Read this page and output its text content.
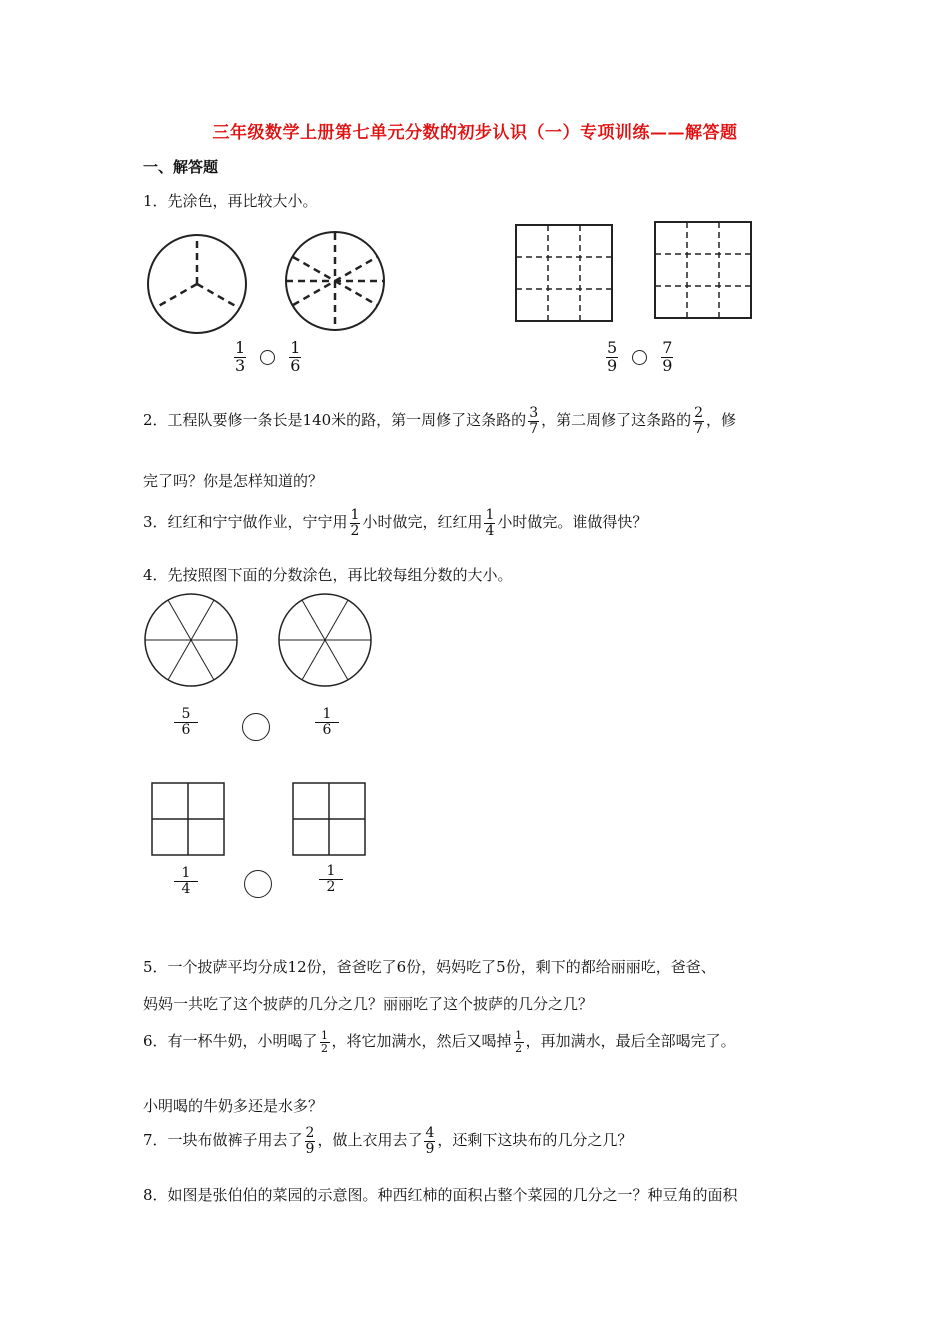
三年级数学上册第七单元分数的初步认识（一）专项训练——解答题
一、解答题
1．先涂色，再比较大小。
$\frac{1}{3}$	$\frac{1}{6}$	$\frac{5}{9}$	$\frac{7}{9}$
2．工程队要修一条长是140米的路，第一周修了这条路的 $\frac{3}{7}$ ，第二周修了这条路的 $\frac{2}{7}$ ，修
完了吗？你是怎样知道的？
3．红红和宁宁做作业，宁宁用 $\frac{1}{2}$ 小时做完，红红用 $\frac{1}{4}$ 小时做完。谁做得快？
4．先按照图下面的分数涂色，再比较每组分数的大小。
$\frac{5}{6}$	$\frac{1}{6}$
$\frac{1}{4}$	$\frac{1}{2}$
5．一个披萨平均分成12份，爸爸吃了6份，妈妈吃了5份，剩下的都给丽丽吃，爸爸、
妈妈一共吃了这个披萨的几分之几？丽丽吃了这个披萨的几分之几？
6．有一杯牛奶，小明喝了 $\frac{1}{2}$ ，将它加满水，然后又喝掉 $\frac{1}{2}$ ，再加满水，最后全部喝完了。
小明喝的牛奶多还是水多？
7．一块布做裤子用去了 $\frac{2}{9}$ ，做上衣用去了 $\frac{4}{9}$ ，还剩下这块布的几分之几？
8．如图是张伯伯的菜园的示意图。种西红柿的面积占整个菜园的几分之一？种豆角的面积
